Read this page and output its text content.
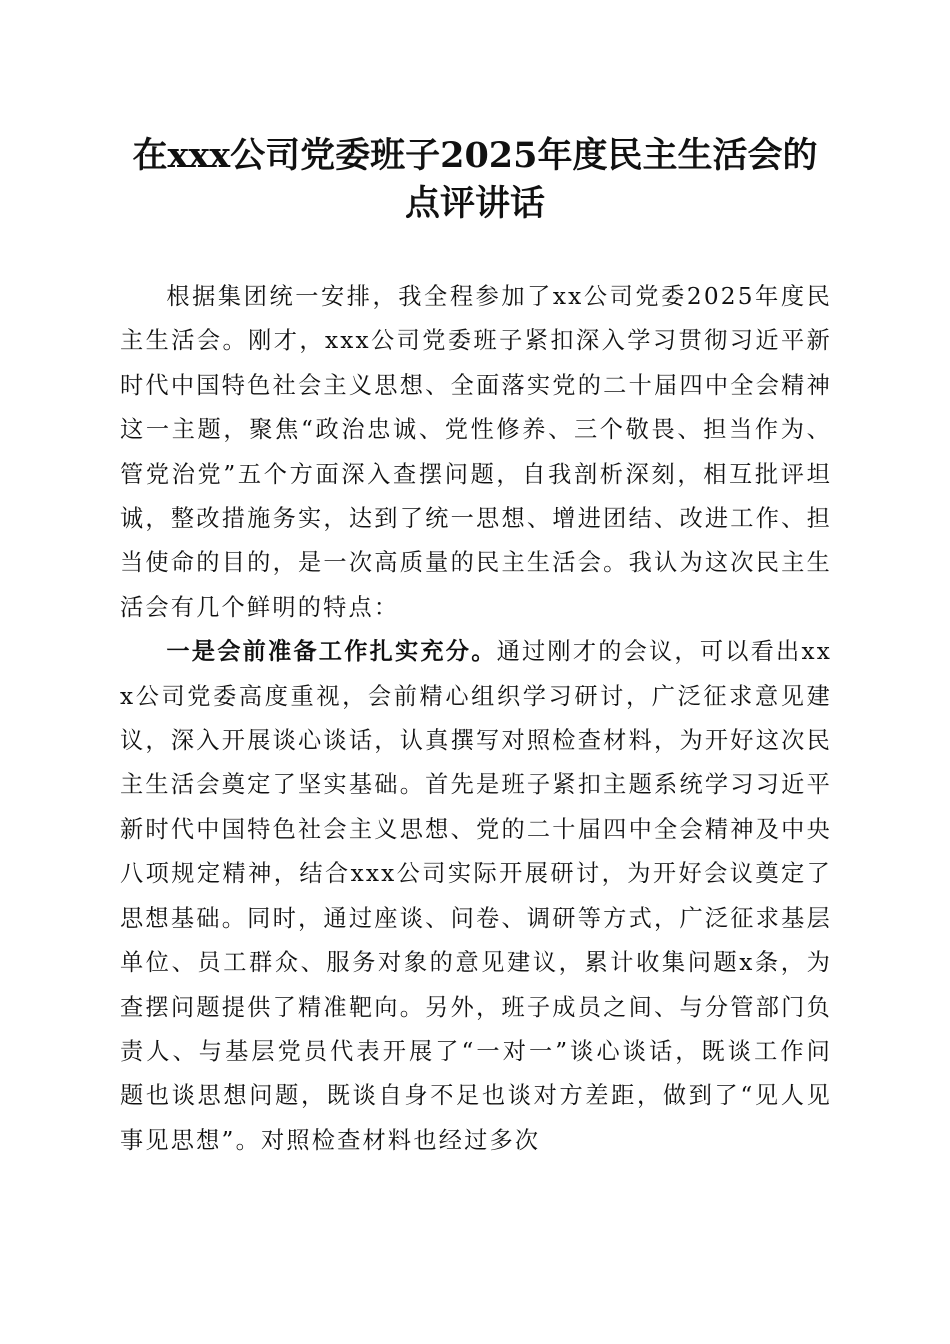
在xxx公司党委班子2025年度民主生活会的
点评讲话

根据集团统一安排，我全程参加了xx公司党委2025年度民主生活会。刚才，xxx公司党委班子紧扣深入学习贯彻习近平新时代中国特色社会主义思想、全面落实党的二十届四中全会精神这一主题，聚焦“政治忠诚、党性修养、三个敬畏、担当作为、管党治党”五个方面深入查摆问题，自我剖析深刻，相互批评坦诚，整改措施务实，达到了统一思想、增进团结、改进工作、担当使命的目的，是一次高质量的民主生活会。我认为这次民主生活会有几个鲜明的特点：

一是会前准备工作扎实充分。通过刚才的会议，可以看出xxx公司党委高度重视，会前精心组织学习研讨，广泛征求意见建议，深入开展谈心谈话，认真撰写对照检查材料，为开好这次民主生活会奠定了坚实基础。首先是班子紧扣主题系统学习习近平新时代中国特色社会主义思想、党的二十届四中全会精神及中央八项规定精神，结合xxx公司实际开展研讨，为开好会议奠定了思想基础。同时，通过座谈、问卷、调研等方式，广泛征求基层单位、员工群众、服务对象的意见建议，累计收集问题x条，为查摆问题提供了精准靶向。另外，班子成员之间、与分管部门负责人、与基层党员代表开展了“一对一”谈心谈话，既谈工作问题也谈思想问题，既谈自身不足也谈对方差距，做到了“见人见事见思想”。对照检查材料也经过多次
